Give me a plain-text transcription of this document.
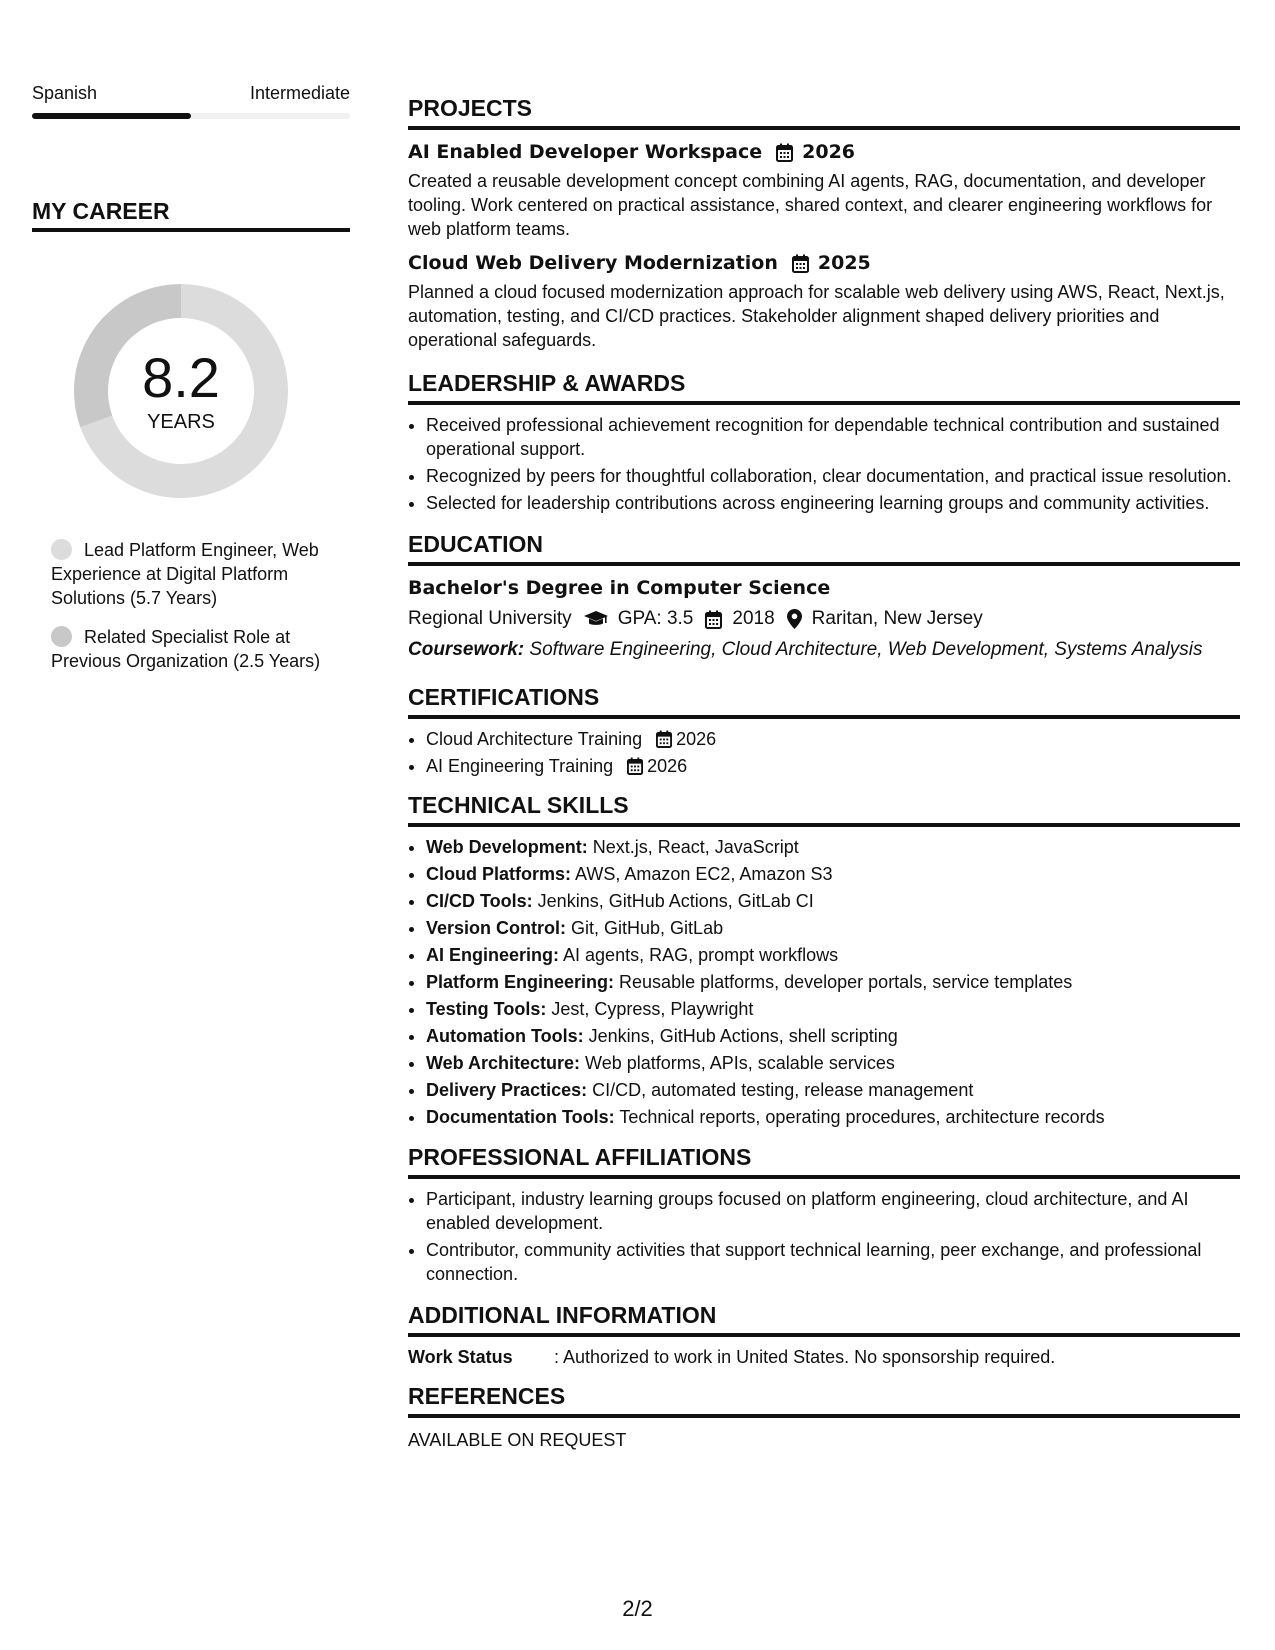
Spanish	Intermediate
MY CAREER
8.2
YEARS
Lead Platform Engineer, Web Experience at Digital Platform Solutions (5.7 Years)
Related Specialist Role at Previous Organization (2.5 Years)
PROJECTS
AI Enabled Developer Workspace 2026
Created a reusable development concept combining AI agents, RAG, documentation, and developer tooling. Work centered on practical assistance, shared context, and clearer engineering workflows for web platform teams.
Cloud Web Delivery Modernization 2025
Planned a cloud focused modernization approach for scalable web delivery using AWS, React, Next.js, automation, testing, and CI/CD practices. Stakeholder alignment shaped delivery priorities and operational safeguards.
LEADERSHIP & AWARDS
• Received professional achievement recognition for dependable technical contribution and sustained operational support.
• Recognized by peers for thoughtful collaboration, clear documentation, and practical issue resolution.
• Selected for leadership contributions across engineering learning groups and community activities.
EDUCATION
Bachelor's Degree in Computer Science
Regional University GPA: 3.5 2018 Raritan, New Jersey
Coursework: Software Engineering, Cloud Architecture, Web Development, Systems Analysis
CERTIFICATIONS
• Cloud Architecture Training 2026
• AI Engineering Training 2026
TECHNICAL SKILLS
• Web Development: Next.js, React, JavaScript
• Cloud Platforms: AWS, Amazon EC2, Amazon S3
• CI/CD Tools: Jenkins, GitHub Actions, GitLab CI
• Version Control: Git, GitHub, GitLab
• AI Engineering: AI agents, RAG, prompt workflows
• Platform Engineering: Reusable platforms, developer portals, service templates
• Testing Tools: Jest, Cypress, Playwright
• Automation Tools: Jenkins, GitHub Actions, shell scripting
• Web Architecture: Web platforms, APIs, scalable services
• Delivery Practices: CI/CD, automated testing, release management
• Documentation Tools: Technical reports, operating procedures, architecture records
PROFESSIONAL AFFILIATIONS
• Participant, industry learning groups focused on platform engineering, cloud architecture, and AI enabled development.
• Contributor, community activities that support technical learning, peer exchange, and professional connection.
ADDITIONAL INFORMATION
Work Status	: Authorized to work in United States. No sponsorship required.
REFERENCES
AVAILABLE ON REQUEST
2/2
